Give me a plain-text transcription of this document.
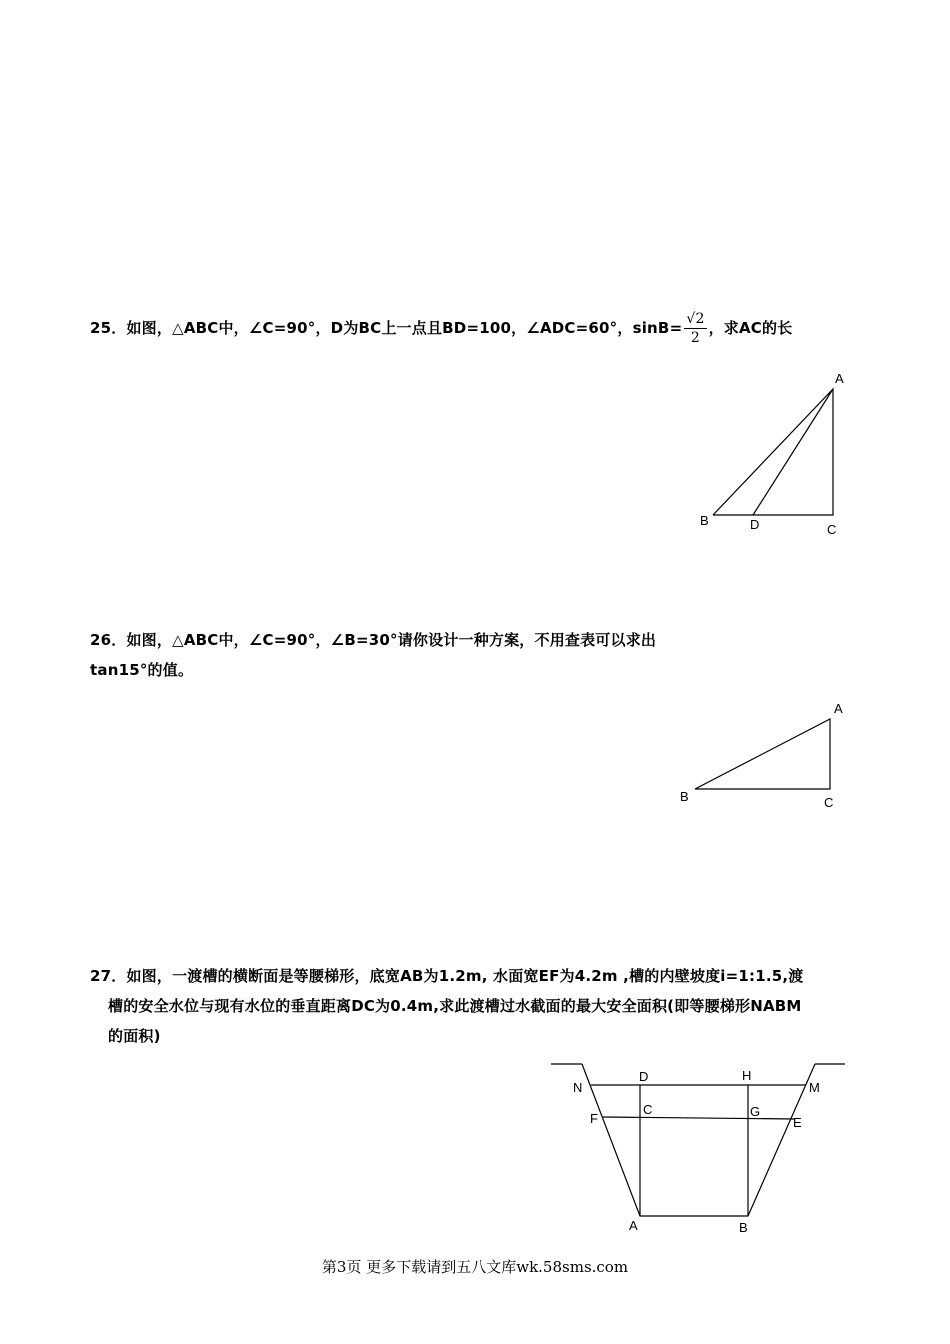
25．如图，△ABC中，∠C=90°，D为BC上一点且BD=100，∠ADC=60°，$\sin B= \frac{√2}{2}$ ，求AC的长
A
B	D	C
26．如图，△ABC中，∠C=90°，∠B=30°请你设计一种方案，不用查表可以求出
tan15°的值。
A
B	C
27．如图，一渡槽的横断面是等腰梯形，底宽AB为1.2m, 水面宽EF为4.2m ,槽的内壁坡度i=1:1.5,渡
槽的安全水位与现有水位的垂直距离DC为0.4m,求此渡槽过水截面的最大安全面积(即等腰梯形NABM
的面积)
N
D	H
M
F
C	G
E
A	B
第3页 更多下载请到五八文库wk.58sms.com
